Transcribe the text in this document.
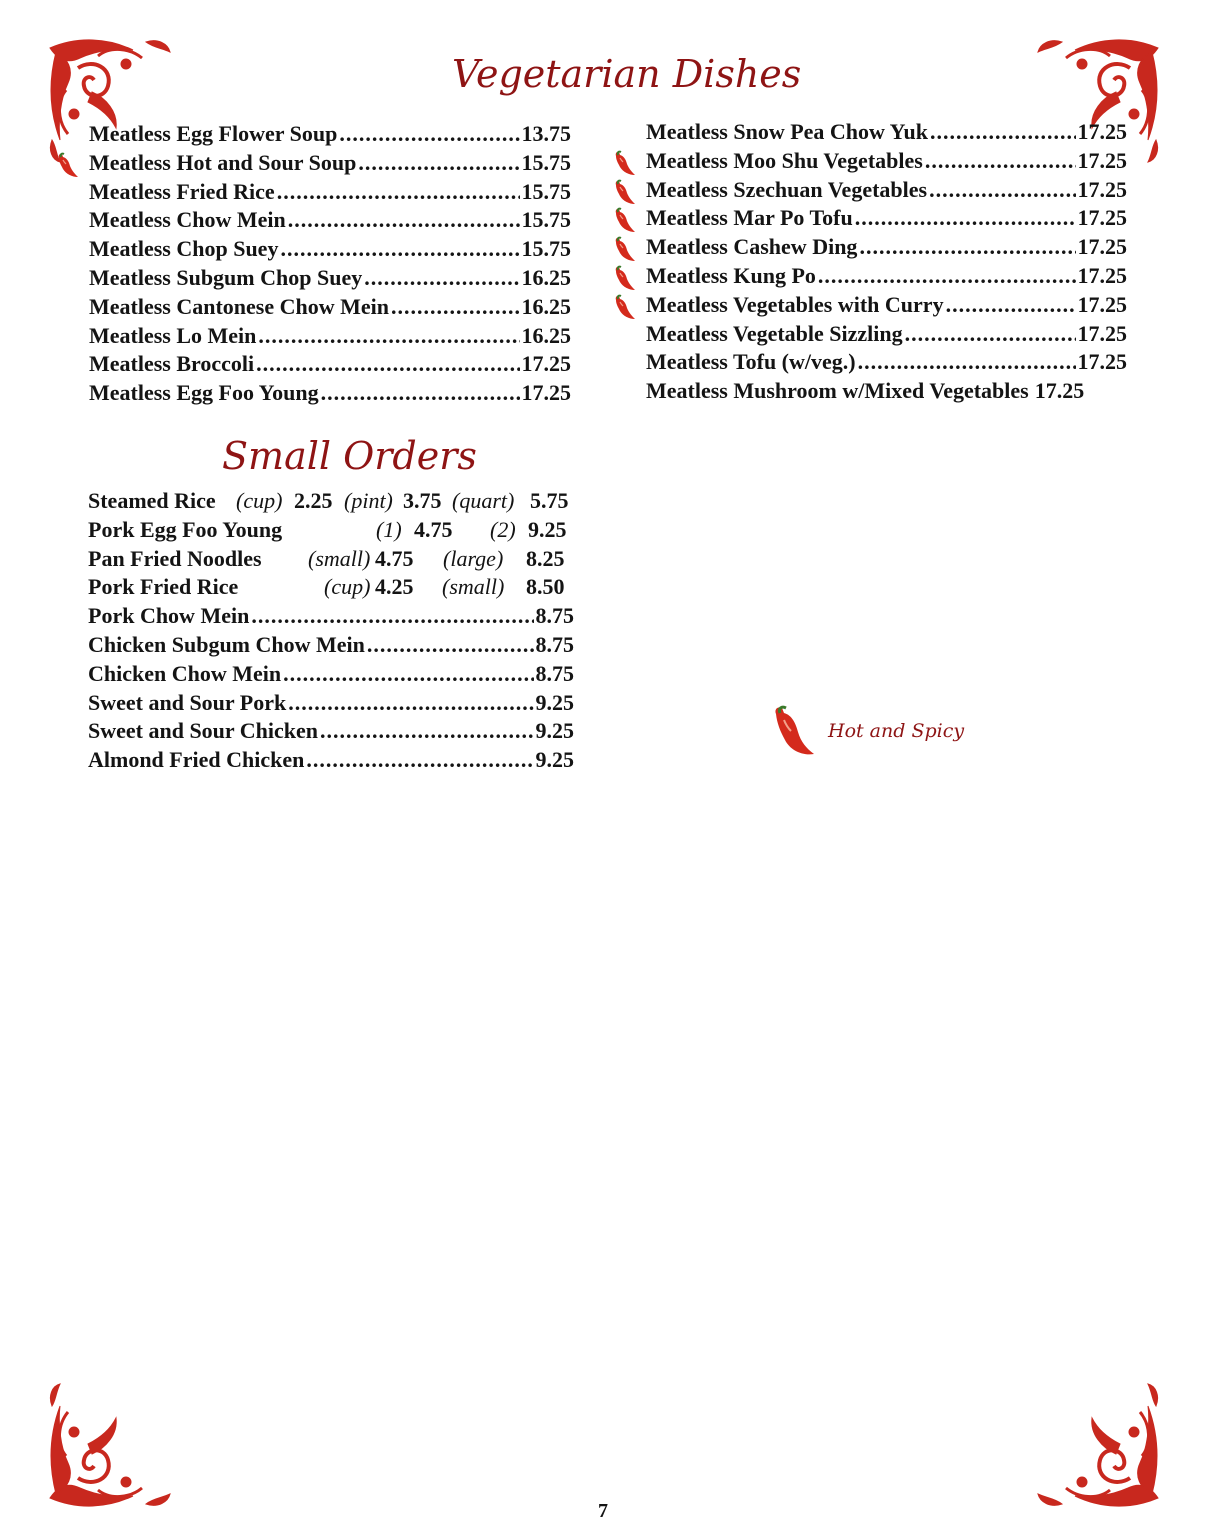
Vegetarian Dishes
Small Orders
Meatless Egg Flower Soup .....	13.75
Meatless Hot and Sour Soup .....	15.75
Meatless Fried Rice .....	15.75
Meatless Chow Mein .....	15.75
Meatless Chop Suey .....	15.75
Meatless Subgum Chop Suey .....	16.25
Meatless Cantonese Chow Mein .....	16.25
Meatless Lo Mein .....	16.25
Meatless Broccoli .....	17.25
Meatless Egg Foo Young .....	17.25
Meatless Snow Pea Chow Yuk .....	17.25
Meatless Moo Shu Vegetables .....	17.25
Meatless Szechuan Vegetables .....	17.25
Meatless Mar Po Tofu .....	17.25
Meatless Cashew Ding .....	17.25
Meatless Kung Po .....	17.25
Meatless Vegetables with Curry .....	17.25
Meatless Vegetable Sizzling .....	17.25
Meatless Tofu (w/veg.) .....	17.25
Meatless Mushroom w/Mixed Vegetables 17.25
Steamed Rice (cup) 2.25 (pint) 3.75 (quart) 5.75
Pork Egg Foo Young	(1) 4.75 (2) 9.25
Pan Fried Noodles (small) 4.75 (large) 8.25
Pork Fried Rice	(cup) 4.25 (small) 8.50
Pork Chow Mein .....	8.75
Chicken Subgum Chow Mein .....	8.75
Chicken Chow Mein .....	8.75
Sweet and Sour Pork .....	9.25
Sweet and Sour Chicken .....	9.25
Almond Fried Chicken .....	9.25
Hot and Spicy
7
